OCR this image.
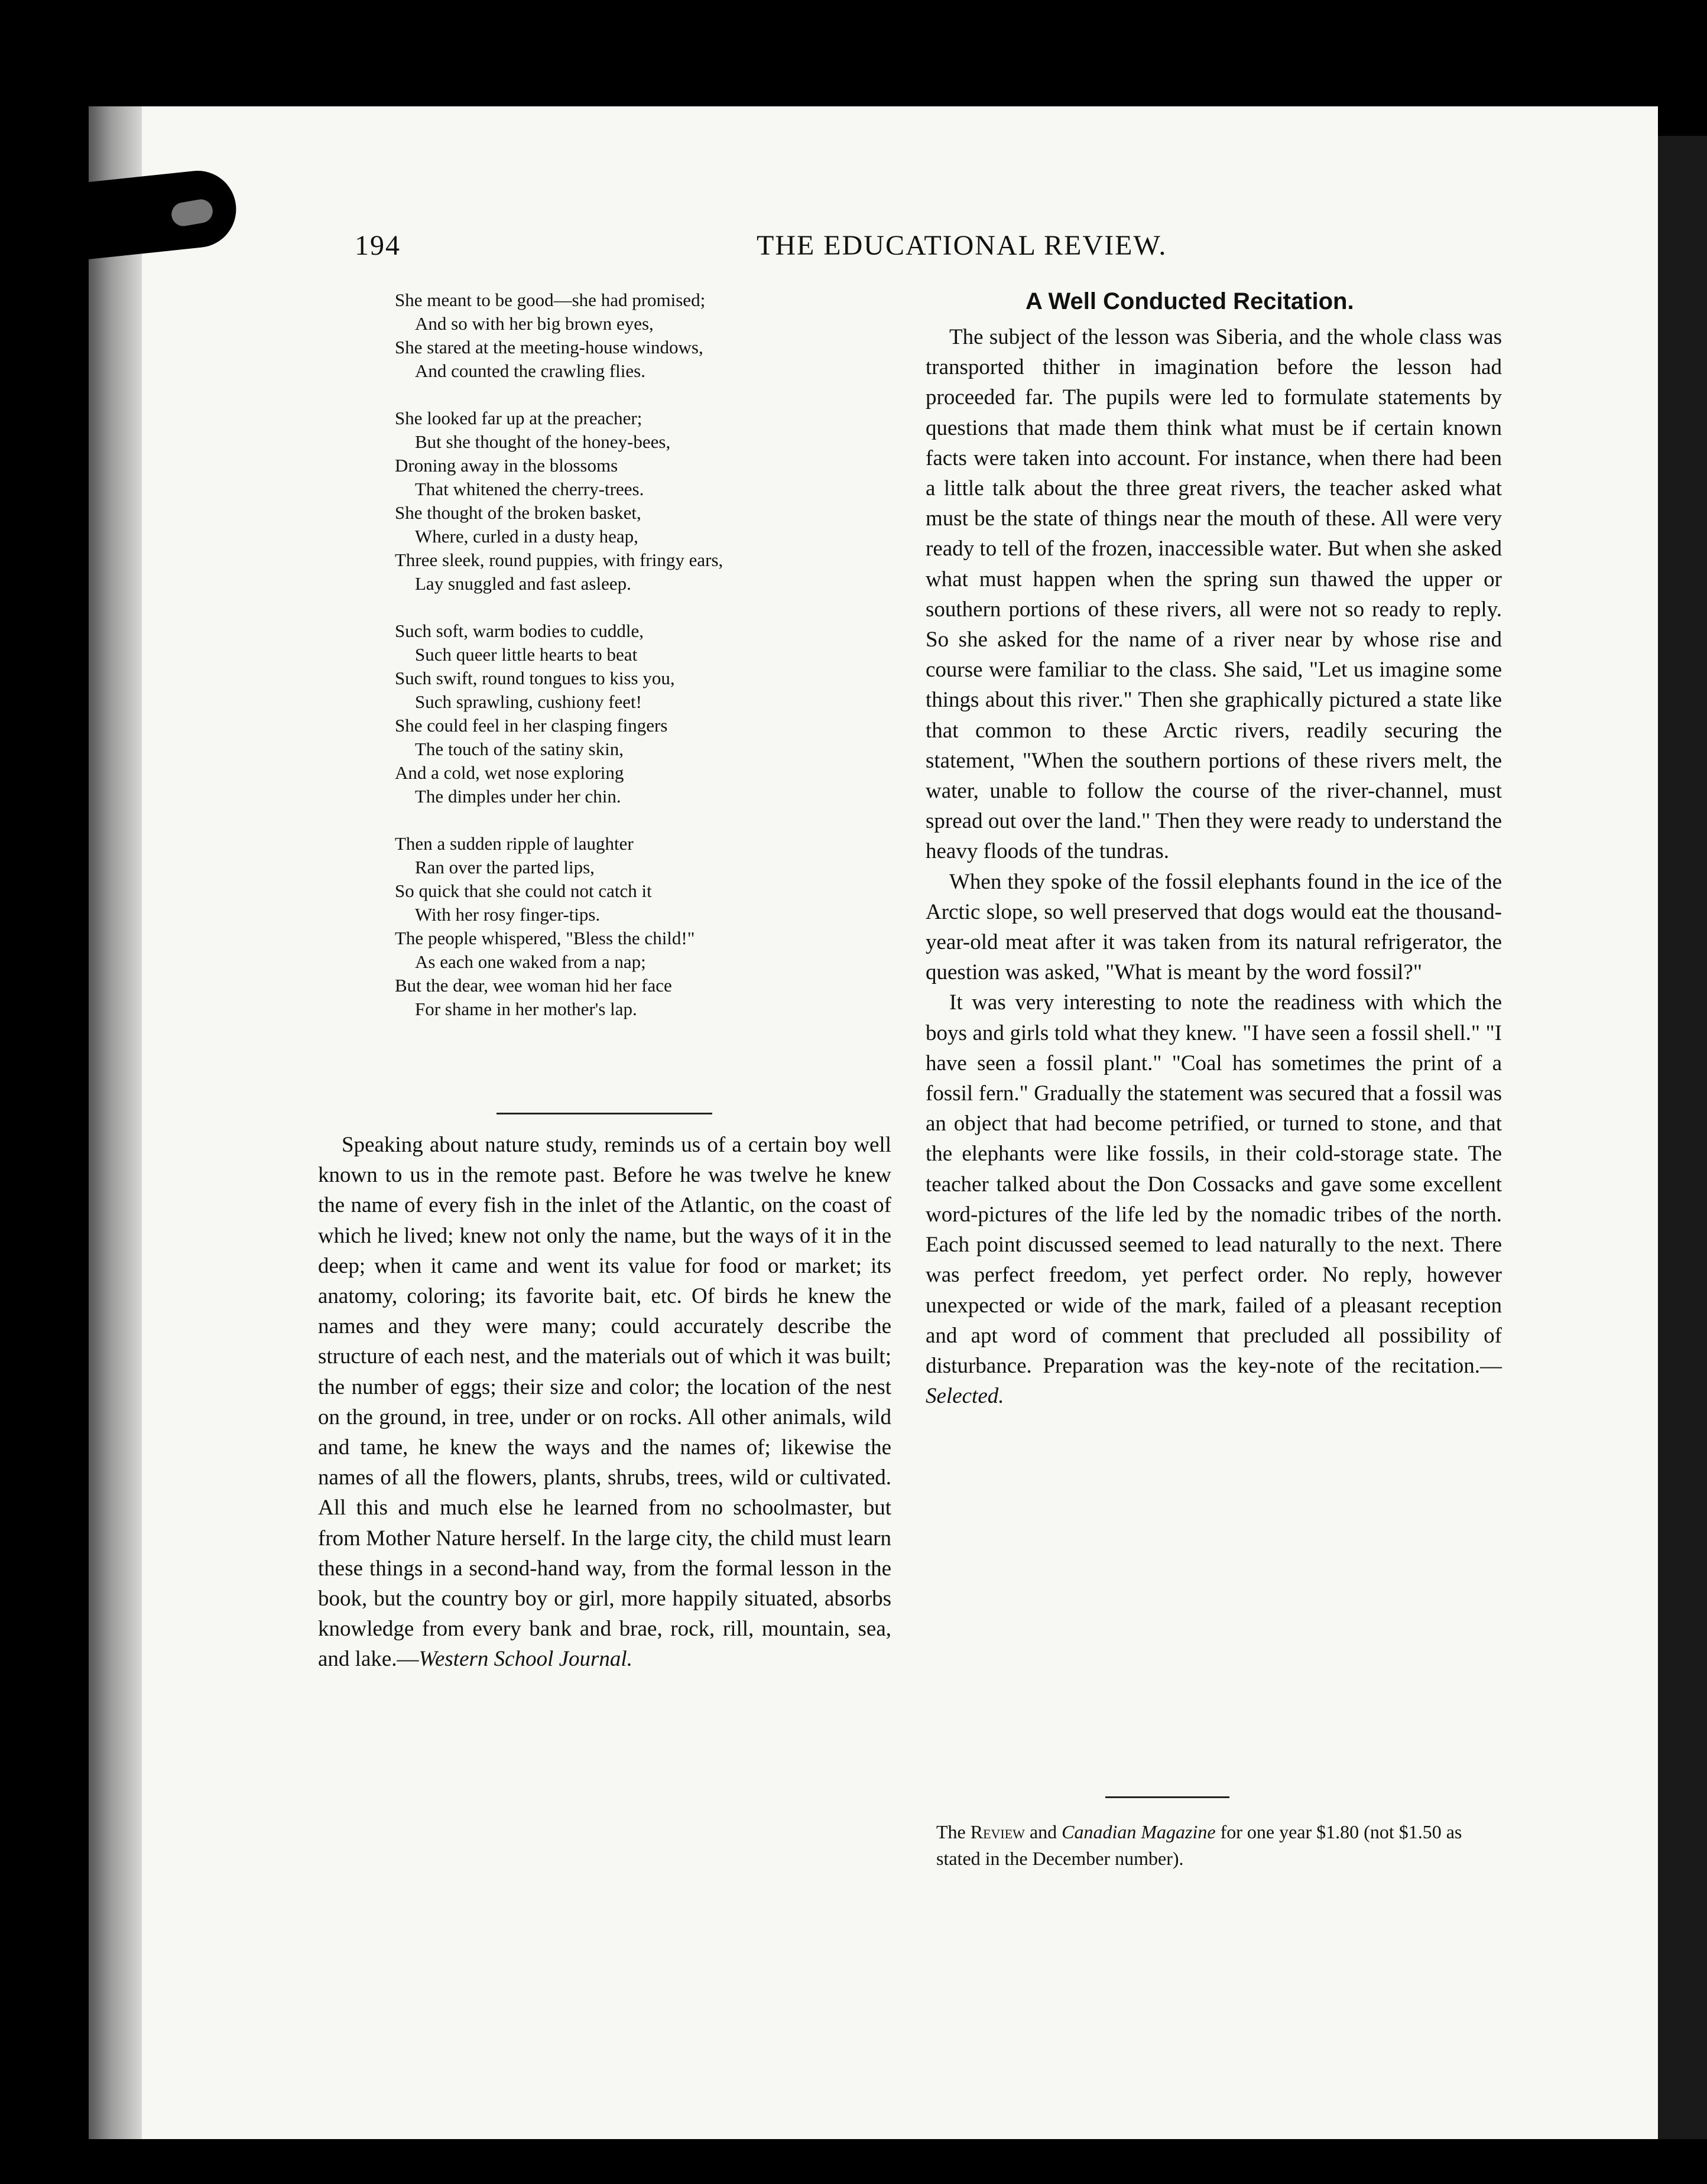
194	THE EDUCATIONAL REVIEW.
She meant to be good—she had promised;
And so with her big brown eyes,
She stared at the meeting-house windows,
And counted the crawling flies.
She looked far up at the preacher;
But she thought of the honey-bees,
Droning away in the blossoms
That whitened the cherry-trees.
She thought of the broken basket,
Where, curled in a dusty heap,
Three sleek, round puppies, with fringy ears,
Lay snuggled and fast asleep.
Such soft, warm bodies to cuddle,
Such queer little hearts to beat
Such swift, round tongues to kiss you,
Such sprawling, cushiony feet!
She could feel in her clasping fingers
The touch of the satiny skin,
And a cold, wet nose exploring
The dimples under her chin.
Then a sudden ripple of laughter
Ran over the parted lips,
So quick that she could not catch it
With her rosy finger-tips.
The people whispered, "Bless the child!"
As each one waked from a nap;
But the dear, wee woman hid her face
For shame in her mother's lap.

Speaking about nature study, reminds us of a certain boy well known to us in the remote past. Before he was twelve he knew the name of every fish in the inlet of the Atlantic, on the coast of which he lived; knew not only the name, but the ways of it in the deep; when it came and went its value for food or market; its anatomy, coloring; its favorite bait, etc. Of birds he knew the names and they were many; could accurately describe the structure of each nest, and the materials out of which it was built; the number of eggs; their size and color; the location of the nest on the ground, in tree, under or on rocks. All other animals, wild and tame, he knew the ways and the names of; likewise the names of all the flowers, plants, shrubs, trees, wild or cultivated. All this and much else he learned from no schoolmaster, but from Mother Nature herself. In the large city, the child must learn these things in a second-hand way, from the formal lesson in the book, but the country boy or girl, more happily situated, absorbs knowledge from every bank and brae, rock, rill, mountain, sea, and lake.—Western School Journal.

A Well Conducted Recitation.

The subject of the lesson was Siberia, and the whole class was transported thither in imagination before the lesson had proceeded far. The pupils were led to formulate statements by questions that made them think what must be if certain known facts were taken into account. For instance, when there had been a little talk about the three great rivers, the teacher asked what must be the state of things near the mouth of these. All were very ready to tell of the frozen, inaccessible water. But when she asked what must happen when the spring sun thawed the upper or southern portions of these rivers, all were not so ready to reply. So she asked for the name of a river near by whose rise and course were familiar to the class. She said, "Let us imagine some things about this river." Then she graphically pictured a state like that common to these Arctic rivers, readily securing the statement, "When the southern portions of these rivers melt, the water, unable to follow the course of the river-channel, must spread out over the land." Then they were ready to understand the heavy floods of the tundras.

When they spoke of the fossil elephants found in the ice of the Arctic slope, so well preserved that dogs would eat the thousand-year-old meat after it was taken from its natural refrigerator, the question was asked, "What is meant by the word fossil?"

It was very interesting to note the readiness with which the boys and girls told what they knew. "I have seen a fossil shell." "I have seen a fossil plant." "Coal has sometimes the print of a fossil fern." Gradually the statement was secured that a fossil was an object that had become petrified, or turned to stone, and that the elephants were like fossils, in their cold-storage state. The teacher talked about the Don Cossacks and gave some excellent word-pictures of the life led by the nomadic tribes of the north. Each point discussed seemed to lead naturally to the next. There was perfect freedom, yet perfect order. No reply, however unexpected or wide of the mark, failed of a pleasant reception and apt word of comment that precluded all possibility of disturbance. Preparation was the key-note of the recitation.—Selected.

The Review and Canadian Magazine for one year $1.80 (not $1.50 as stated in the December number).
